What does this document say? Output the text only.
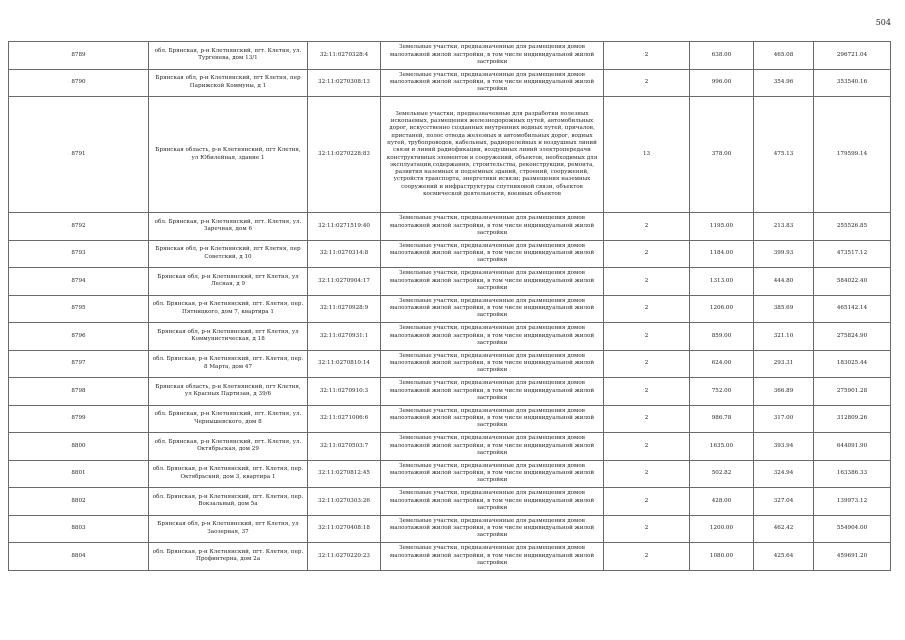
504
8789	обл. Брянская, р-н Клетнянский, пгт. Клетня, ул. Тургенева, дом 13/1	32:11:0270328:4	Земельные участки, предназначенные для размещения домов малоэтажной жилой застройки, в том числе индивидуальной жилой застройки	2	638.00	465.08	296721.04
8790	Брянская обл, р-н Клетнянский, пгт Клетня, пер Парижской Коммуны, д 1	32:11:0270308:13	Земельные участки, предназначенные для размещения домов малоэтажной жилой застройки, в том числе индивидуальной жилой застройки	2	996.00	354.96	353540.16
8791	Брянская область, р-н Клетнянский, пгт Клетня, ул Юбилейная, здание 1	32:11:0270228:83	Земельные участки, предназначенные для разработки полезных ископаемых, размещения железнодорожных путей, автомобильных дорог, искусственно созданных внутренних водных путей, причалов, пристаней, полос отвода железных и автомобильных дорог, водных путей, трубопроводов, кабельных, радиорелейных и воздушных линий связи и линий радиофикации, воздушных линий электропередачи конструктивных элементов и сооружений, объектов, необходимых для эксплуатации,содержания, строительства, реконструкции, ремонта, развития наземных и подземных зданий, строений, сооружений, устройств транспорта, энергетики исвязи; размещения наземных сооружений и инфраструктуры спутниковой связи, объектов космической деятельности, военных объектов	13	378.00	475.13	179599.14
8792	обл. Брянская, р-н Клетнянский, пгт. Клетня, ул. Заречная, дом 6	32:11:0271519:40	Земельные участки, предназначенные для размещения домов малоэтажной жилой застройки, в том числе индивидуальной жилой застройки	2	1195.00	213.83	255526.85
8793	Брянская обл, р-н Клетнянский, пгт Клетня, пер Советский, д 10	32:11:0270314:8	Земельные участки, предназначенные для размещения домов малоэтажной жилой застройки, в том числе индивидуальной жилой застройки	2	1184.00	399.93	473517.12
8794	Брянская обл, р-н Клетнянский, пгт Клетня, ул Лесная, д 9	32:11:0270904:17	Земельные участки, предназначенные для размещения домов малоэтажной жилой застройки, в том числе индивидуальной жилой застройки	2	1313.00	444.80	584022.40
8795	обл. Брянская, р-н Клетнянский, пгт. Клетня, пер. Пятницкого, дом 7, квартира 1	32:11:0270928:9	Земельные участки, предназначенные для размещения домов малоэтажной жилой застройки, в том числе индивидуальной жилой застройки	2	1206.00	385.69	465142.14
8796	Брянская обл, р-н Клетнянский, пгт Клетня, ул Коммунистическая, д 18	32:11:0270931:1	Земельные участки, предназначенные для размещения домов малоэтажной жилой застройки, в том числе индивидуальной жилой застройки	2	859.00	321.10	275824.90
8797	обл. Брянская, р-н Клетнянский, пгт. Клетня, пер. 8 Марта, дом 47	32:11:0270810:14	Земельные участки, предназначенные для размещения домов малоэтажной жилой застройки, в том числе индивидуальной жилой застройки	2	624.00	293.31	183025.44
8798	Брянская область, р-н Клетнянский, пгт Клетня, ул Красных Партизан, д 39/6	32:11:0270910:3	Земельные участки, предназначенные для размещения домов малоэтажной жилой застройки, в том числе индивидуальной жилой застройки	2	752.00	366.89	275901.28
8799	обл. Брянская, р-н Клетнянский, пгт. Клетня, ул. Чернышевского, дом 8	32:11:0271006:6	Земельные участки, предназначенные для размещения домов малоэтажной жилой застройки, в том числе индивидуальной жилой застройки	2	986.78	317.00	312809.26
8800	обл. Брянская, р-н Клетнянский, пгт. Клетня, ул. Октябрьская, дом 29	32:11:0270503:7	Земельные участки, предназначенные для размещения домов малоэтажной жилой застройки, в том числе индивидуальной жилой застройки	2	1635.00	393.94	644091.90
8801	обл. Брянская, р-н Клетнянский, пгт. Клетня, пер. Октябрьский, дом 3, квартира 1	32:11:0270812:45	Земельные участки, предназначенные для размещения домов малоэтажной жилой застройки, в том числе индивидуальной жилой застройки	2	502.82	324.94	163386.33
8802	обл. Брянская, р-н Клетнянский, пгт. Клетня, пер. Вокзальный, дом 5а	32:11:0270303:26	Земельные участки, предназначенные для размещения домов малоэтажной жилой застройки, в том числе индивидуальной жилой застройки	2	428.00	327.04	139973.12
8803	Брянская обл, р-н Клетнянский, пгт Клетня, ул Заозерная, 37	32:11:0270408:18	Земельные участки, предназначенные для размещения домов малоэтажной жилой застройки, в том числе индивидуальной жилой застройки	2	1200.00	462.42	554904.00
8804	обл. Брянская, р-н Клетнянский, пгт. Клетня, пер. Профинтерна, дом 2а	32:11:0270220:23	Земельные участки, предназначенные для размещения домов малоэтажной жилой застройки, в том числе индивидуальной жилой застройки	2	1080.00	425.64	459691.20
